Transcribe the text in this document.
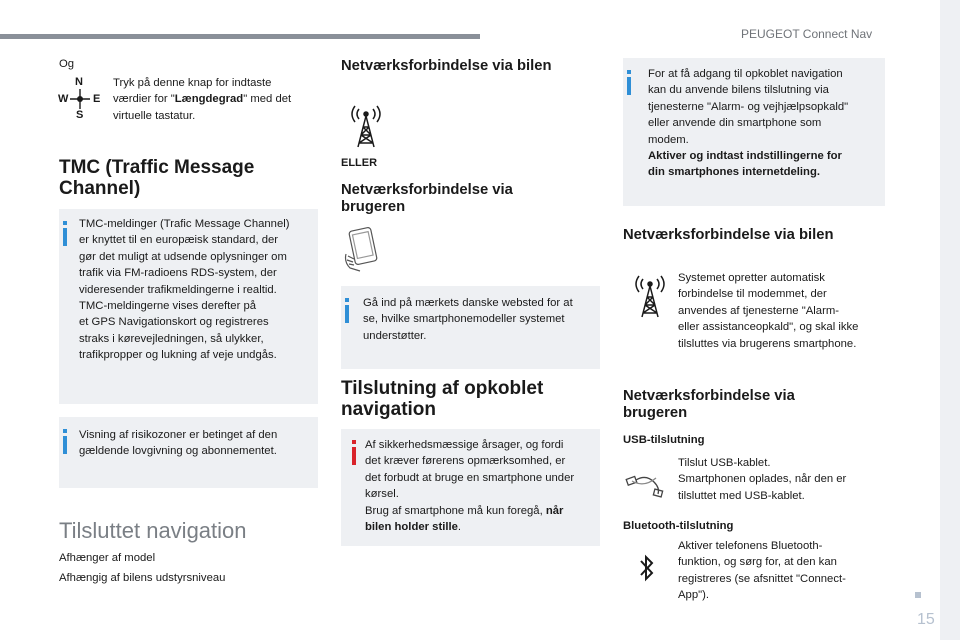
PEUGEOT Connect Nav
15
Og
N
S
W E
Tryk på denne knap for indtaste
værdier for "Længdegrad" med det
virtuelle tastatur.
TMC (Traffic Message
Channel)
TMC-meldinger (Trafic Message Channel)
er knyttet til en europæisk standard, der
gør det muligt at udsende oplysninger om
trafik via FM-radioens RDS-system, der
videresender trafikmeldingerne i realtid.
TMC-meldingerne vises derefter på
et GPS Navigationskort og registreres
straks i kørevejledningen, så ulykker,
trafikpropper og lukning af veje undgås.
Visning af risikozoner er betinget af den
gældende lovgivning og abonnementet.
Tilsluttet navigation
Afhænger af model
Afhængig af bilens udstyrsniveau
Netværksforbindelse via bilen
ELLER
Netværksforbindelse via
brugeren
Gå ind på mærkets danske websted for at
se, hvilke smartphonemodeller systemet
understøtter.
Tilslutning af opkoblet
navigation
Af sikkerhedsmæssige årsager, og fordi
det kræver førerens opmærksomhed, er
det forbudt at bruge en smartphone under
kørsel.
Brug af smartphone må kun foregå, når
bilen holder stille.
For at få adgang til opkoblet navigation
kan du anvende bilens tilslutning via
tjenesterne "Alarm- og vejhjælpsopkald"
eller anvende din smartphone som
modem.
Aktiver og indtast indstillingerne for
din smartphones internetdeling.
Netværksforbindelse via bilen
Systemet opretter automatisk
forbindelse til modemmet, der
anvendes af tjenesterne "Alarm-
eller assistanceopkald", og skal ikke
tilsluttes via brugerens smartphone.
Netværksforbindelse via
brugeren
USB-tilslutning
Tilslut USB-kablet.
Smartphonen oplades, når den er
tilsluttet med USB-kablet.
Bluetooth-tilslutning
Aktiver telefonens Bluetooth-
funktion, og sørg for, at den kan
registreres (se afsnittet "Connect-
App").
